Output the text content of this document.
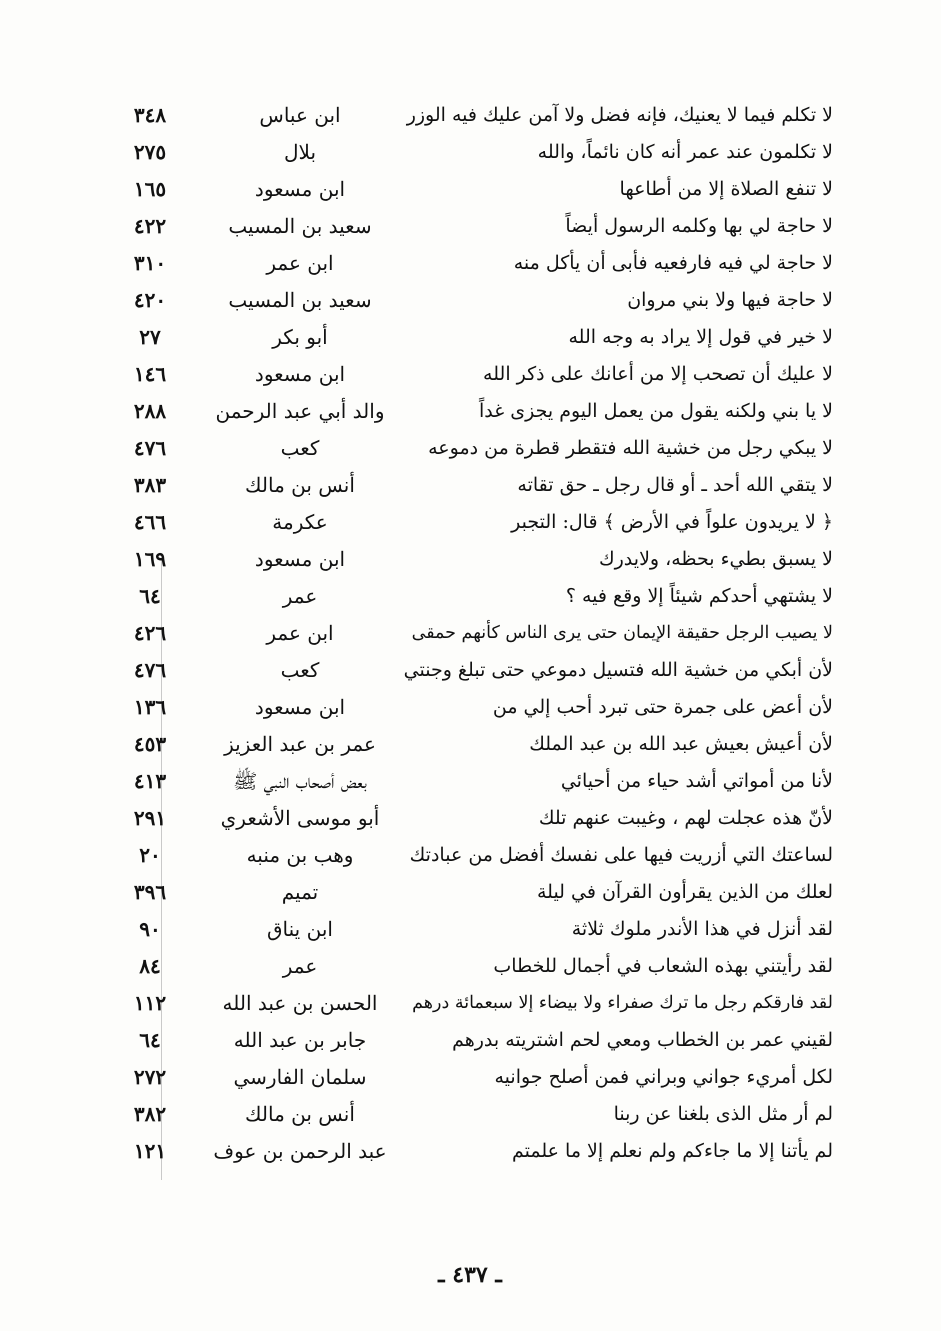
لا تكلم فيما لا يعنيك، فإنه فضل ولا آمن عليك فيه الوزر
ابن عباس
٣٤٨
لا تكلمون عند عمر أنه كان نائماً، والله
بلال
٢٧٥
لا تنفع الصلاة إلا من أطاعها
ابن مسعود
١٦٥
لا حاجة لي بها وكلمه الرسول أيضاً
سعيد بن المسيب
٤٢٢
لا حاجة لي فيه فارفعيه فأبى أن يأكل منه
ابن عمر
٣١٠
لا حاجة فيها ولا بني مروان
سعيد بن المسيب
٤٢٠
لا خير في قول إلا يراد به وجه الله
أبو بكر
٢٧
لا عليك أن تصحب إلا من أعانك على ذكر الله
ابن مسعود
١٤٦
لا يا بني ولكنه يقول من يعمل اليوم يجزى غداً
والد أبي عبد الرحمن
٢٨٨
لا يبكي رجل من خشية الله فتقطر قطرة من دموعه
كعب
٤٧٦
لا يتقي الله أحد ـ أو قال رجل ـ حق تقاته
أنس بن مالك
٣٨٣
﴿ لا يريدون علواً في الأرض ﴾ قال: التجبر
عكرمة
٤٦٦
لا يسبق بطيء بحظه، ولايدرك
ابن مسعود
١٦٩
لا يشتهي أحدكم شيئاً إلا وقع فيه ؟
عمر
٦٤
لا يصيب الرجل حقيقة الإيمان حتى يرى الناس كأنهم حمقى
ابن عمر
٤٢٦
لأن أبكي من خشية الله فتسيل دموعي حتى تبلغ وجنتي
كعب
٤٧٦
لأن أعض على جمرة حتى تبرد أحب إلي من
ابن مسعود
١٣٦
لأن أعيش بعيش عبد الله بن عبد الملك
عمر بن عبد العزيز
٤٥٣
لأنا من أمواتي أشد حياء من أحيائي
بعض أصحاب النبي ﷺ
٤١٣
لأنّ هذه عجلت لهم ، وغيبت عنهم تلك
أبو موسى الأشعري
٢٩١
لساعتك التي أزريت فيها على نفسك أفضل من عبادتك
وهب بن منبه
٢٠
لعلك من الذين يقرأون القرآن في ليلة
تميم
٣٩٦
لقد أنزل في هذا الأندر ملوك ثلاثة
ابن يناق
٩٠
لقد رأيتني بهذه الشعاب في أجمال للخطاب
عمر
٨٤
لقد فارقكم رجل ما ترك صفراء ولا بيضاء إلا سبعمائة درهم
الحسن بن عبد الله
١١٢
لقيني عمر بن الخطاب ومعي لحم اشتريته بدرهم
جابر بن عبد الله
٦٤
لكل أمريء جواني وبراني فمن أصلح جوانيه
سلمان الفارسي
٢٧٢
لم أر مثل الذى بلغنا عن ربنا
أنس بن مالك
٣٨٢
لم يأتنا إلا ما جاءكم ولم نعلم إلا ما علمتم
عبد الرحمن بن عوف
١٢١
ـ ٤٣٧ ـ
